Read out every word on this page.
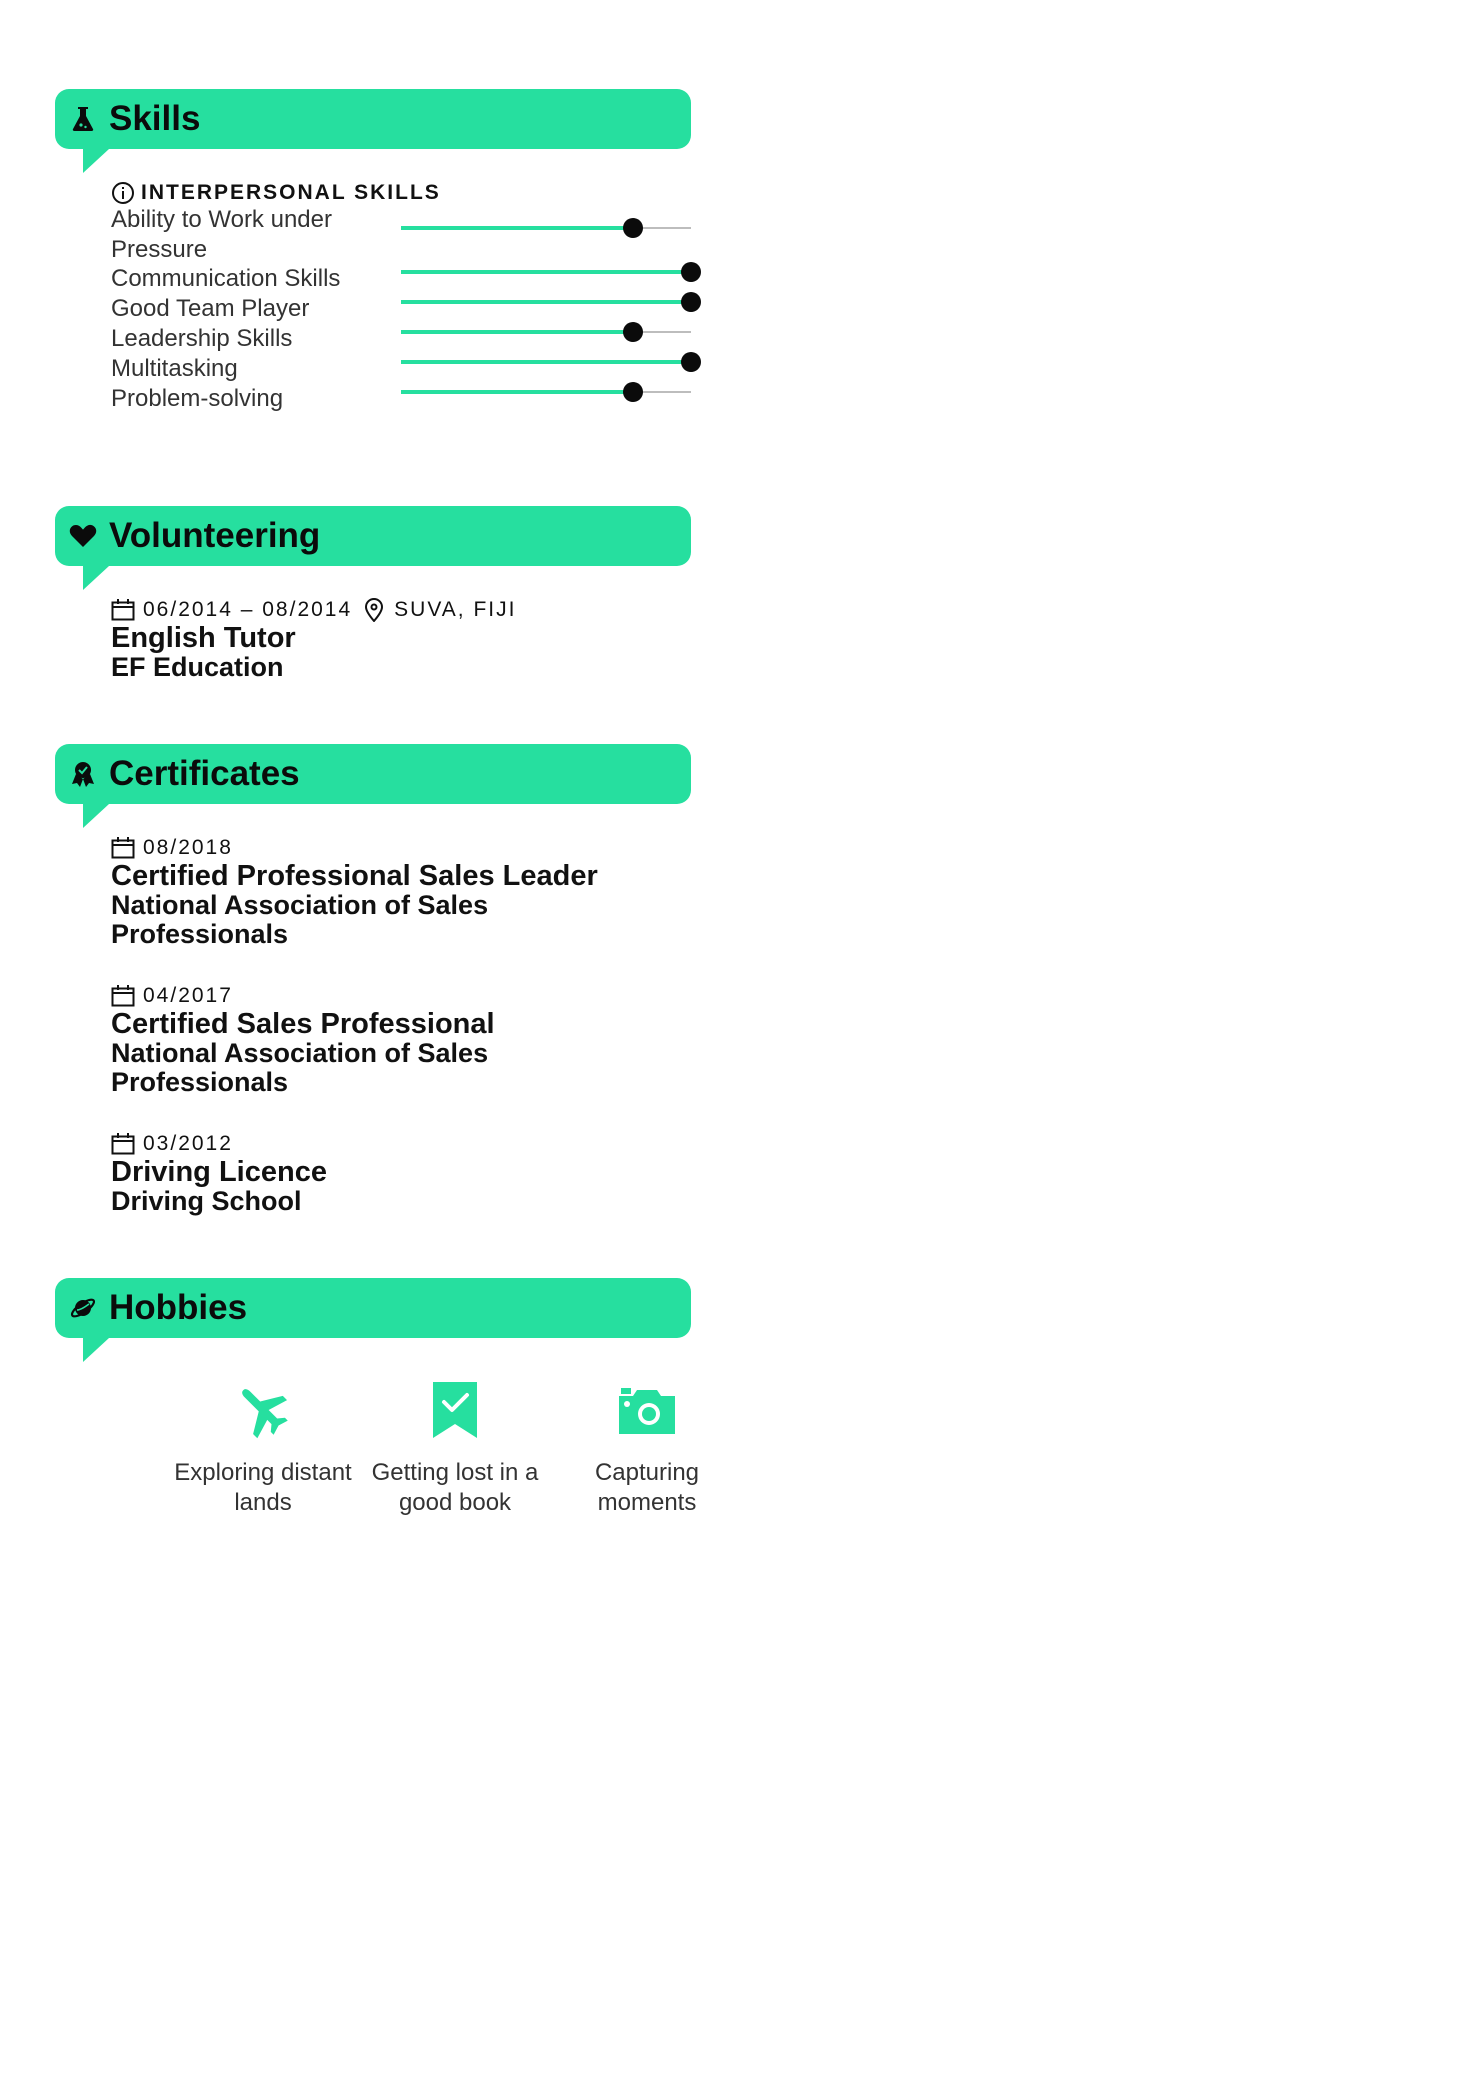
Skills
INTERPERSONAL SKILLS
Ability to Work under Pressure
Communication Skills
Good Team Player
Leadership Skills
Multitasking
Problem-solving
Volunteering
06/2014 – 08/2014 SUVA, FIJI
English Tutor
EF Education
Certificates
08/2018
Certified Professional Sales Leader
National Association of Sales Professionals
04/2017
Certified Sales Professional
National Association of Sales Professionals
03/2012
Driving Licence
Driving School
Hobbies
Exploring distant lands
Getting lost in a good book
Capturing moments
